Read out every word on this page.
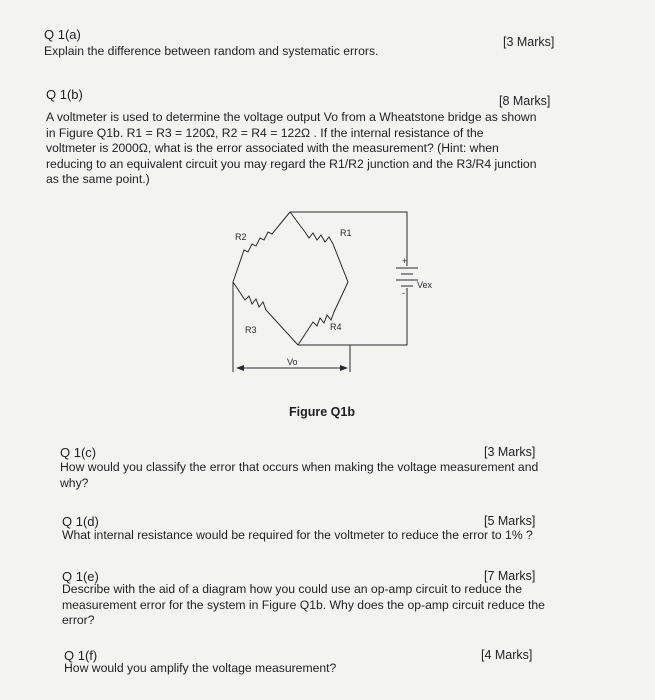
Q 1(a)	[3 Marks]
Explain the difference between random and systematic errors.
Q 1(b)	[8 Marks]
A voltmeter is used to determine the voltage output Vo from a Wheatstone bridge as shown
in Figure Q1b. R1 = R3 = 120Ω, R2 = R4 = 122Ω . If the internal resistance of the
voltmeter is 2000Ω, what is the error associated with the measurement? (Hint: when
reducing to an equivalent circuit you may regard the R1/R2 junction and the R3/R4 junction
as the same point.)
R2	R1
R3	R4
Vo
Vex
+
-
Figure Q1b
Q 1(c)	[3 Marks]
How would you classify the error that occurs when making the voltage measurement and
why?
Q 1(d)	[5 Marks]
What internal resistance would be required for the voltmeter to reduce the error to 1% ?
Q 1(e)	[7 Marks]
Describe with the aid of a diagram how you could use an op-amp circuit to reduce the
measurement error for the system in Figure Q1b. Why does the op-amp circuit reduce the
error?
Q 1(f)	[4 Marks]
How would you amplify the voltage measurement?
